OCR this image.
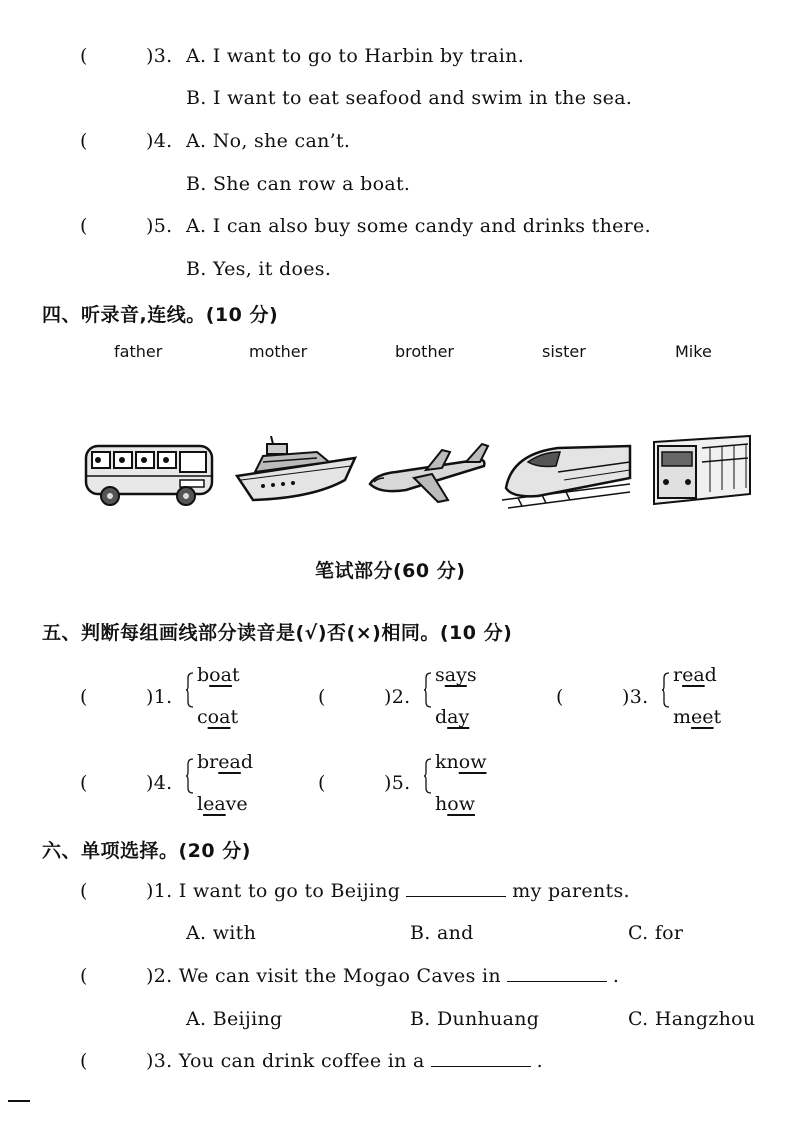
(	)3. A. I want to go to Harbin by train.
B. I want to eat seafood and swim in the sea.
(	)4. A. No, she can’t.
B. She can row a boat.
(	)5. A. I can also buy some candy and drinks there.
B. Yes, it does.
四、听录音,连线。(10 分)
father	mother	brother	sister	Mike
笔试部分(60 分)
五、判断每组画线部分读音是(√)否(×)相同。(10 分)
(	)1.
boat
coat
(	)2.
says
day
(	)3.
read
meet
(	)4.
bread
leave
(	)5.
know
how
六、单项选择。(20 分)
(	)1. I want to go to Beijing	my parents.
A. with	B. and	C. for
(	)2. We can visit the Mogao Caves in	.
A. Beijing	B. Dunhuang	C. Hangzhou
(	)3. You can drink coffee in a	.
